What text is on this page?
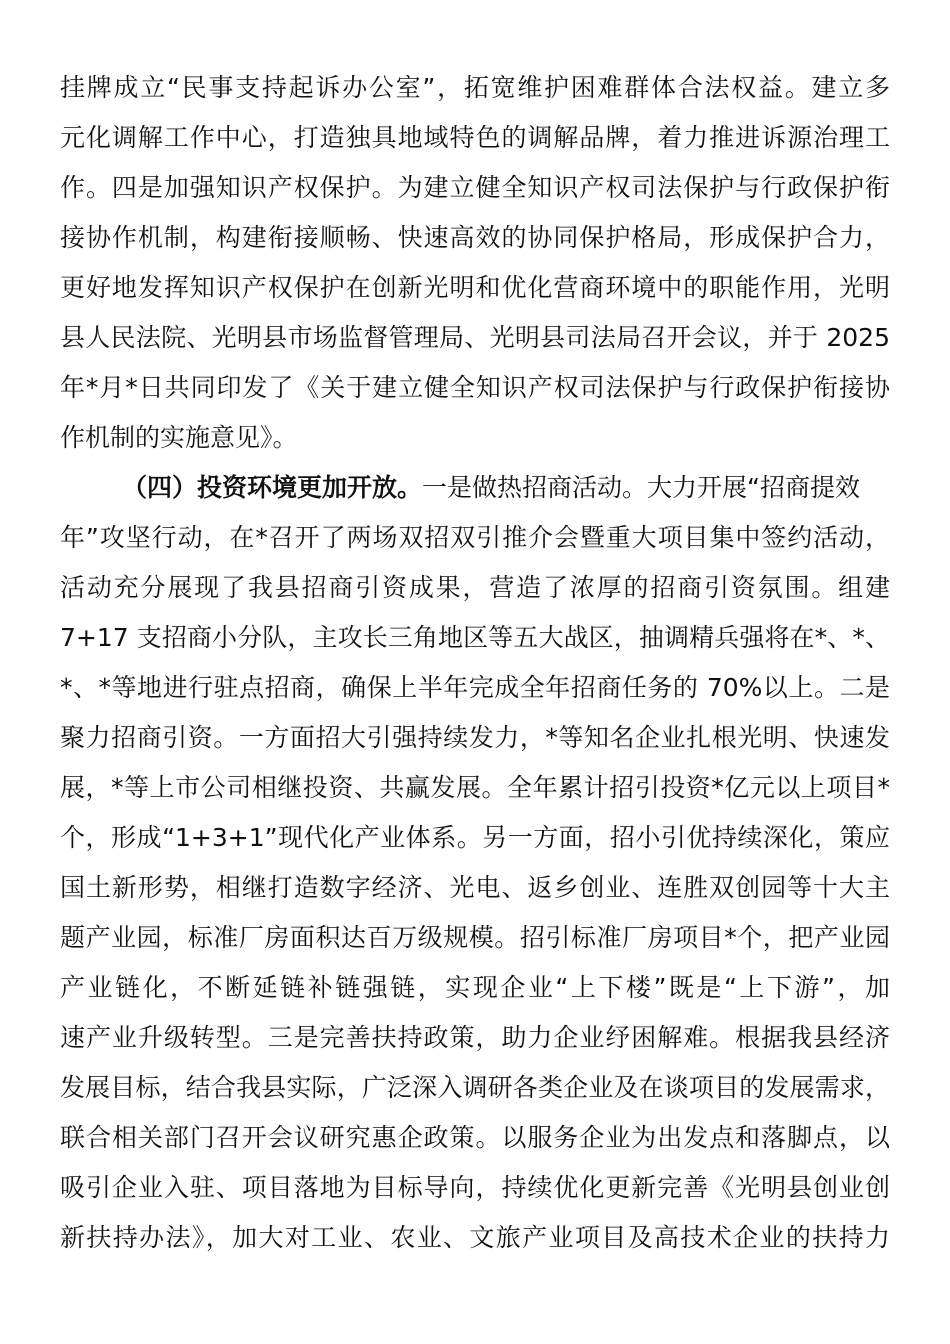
挂牌成立“民事支持起诉办公室”，拓宽维护困难群体合法权益。建立多
元化调解工作中心，打造独具地域特色的调解品牌，着力推进诉源治理工
作。四是加强知识产权保护。为建立健全知识产权司法保护与行政保护衔
接协作机制，构建衔接顺畅、快速高效的协同保护格局，形成保护合力，
更好地发挥知识产权保护在创新光明和优化营商环境中的职能作用，光明
县人民法院、光明县市场监督管理局、光明县司法局召开会议，并于 2025
年*月*日共同印发了《关于建立健全知识产权司法保护与行政保护衔接协
作机制的实施意见》。
（四）投资环境更加开放。一是做热招商活动。大力开展“招商提效
年”攻坚行动，在*召开了两场双招双引推介会暨重大项目集中签约活动，
活动充分展现了我县招商引资成果，营造了浓厚的招商引资氛围。组建
7+17 支招商小分队，主攻长三角地区等五大战区，抽调精兵强将在*、*、
*、*等地进行驻点招商，确保上半年完成全年招商任务的 70%以上。二是
聚力招商引资。一方面招大引强持续发力，*等知名企业扎根光明、快速发
展，*等上市公司相继投资、共赢发展。全年累计招引投资*亿元以上项目*
个，形成“1+3+1”现代化产业体系。另一方面，招小引优持续深化，策应
国土新形势，相继打造数字经济、光电、返乡创业、连胜双创园等十大主
题产业园，标准厂房面积达百万级规模。招引标准厂房项目*个，把产业园
产业链化，不断延链补链强链，实现企业“上下楼”既是“上下游”，加
速产业升级转型。三是完善扶持政策，助力企业纾困解难。根据我县经济
发展目标，结合我县实际，广泛深入调研各类企业及在谈项目的发展需求，
联合相关部门召开会议研究惠企政策。以服务企业为出发点和落脚点，以
吸引企业入驻、项目落地为目标导向，持续优化更新完善《光明县创业创
新扶持办法》，加大对工业、农业、文旅产业项目及高技术企业的扶持力
